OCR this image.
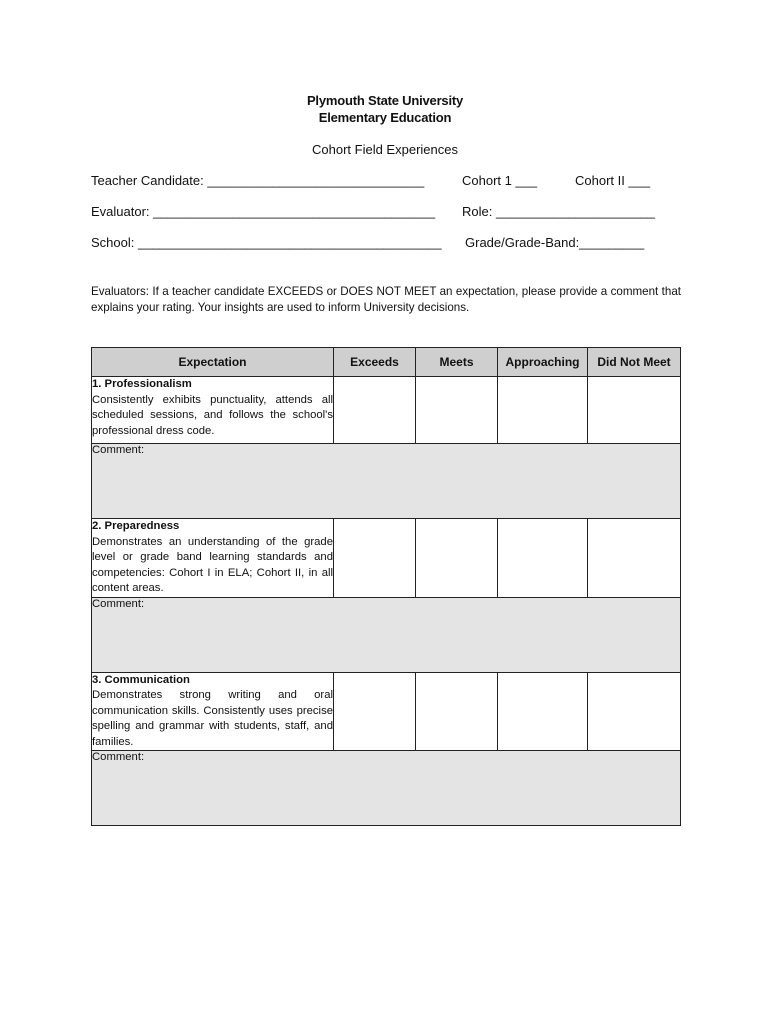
Plymouth State University
Elementary Education
Cohort Field Experiences
Teacher Candidate: ______________________________	Cohort 1 ___	Cohort II ___
Evaluator: _______________________________________ Role: ______________________
School: __________________________________________ Grade/Grade-Band:_________
Evaluators: If a teacher candidate EXCEEDS or DOES NOT MEET an expectation, please provide a comment that explains your rating. Your insights are used to inform University decisions.
Expectation	Exceeds	Meets	Approaching	Did Not Meet

1. Professionalism
Consistently exhibits punctuality, attends all scheduled sessions, and follows the school's professional dress code.				
Comment:				

2. Preparedness
Demonstrates an understanding of the grade level or grade band learning standards and competencies: Cohort I in ELA; Cohort II, in all content areas.				
Comment:				

3. Communication
Demonstrates strong writing and oral communication skills. Consistently uses precise spelling and grammar with students, staff, and families.				
Comment:				
